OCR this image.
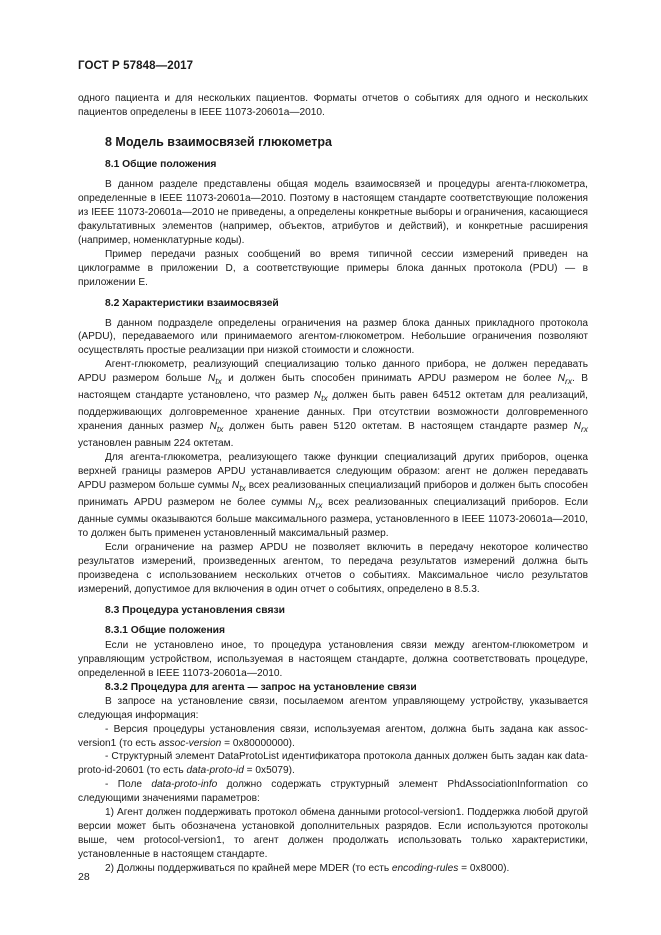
ГОСТ Р 57848—2017

одного пациента и для нескольких пациентов. Форматы отчетов о событиях для одного и нескольких пациентов определены в IEEE 11073-20601a—2010.

8 Модель взаимосвязей глюкометра
8.1 Общие положения

В данном разделе представлены общая модель взаимосвязей и процедуры агента-глюкометра, определенные в IEEE 11073-20601a—2010. Поэтому в настоящем стандарте соответствующие положения из IEEE 11073-20601a—2010 не приведены, а определены конкретные выборы и ограничения, касающиеся факультативных элементов (например, объектов, атрибутов и действий), и конкретные расширения (например, номенклатурные коды).

Пример передачи разных сообщений во время типичной сессии измерений приведен на циклограмме в приложении D, а соответствующие примеры блока данных протокола (PDU) — в приложении E.

8.2 Характеристики взаимосвязей

В данном подразделе определены ограничения на размер блока данных прикладного протокола (APDU), передаваемого или принимаемого агентом-глюкометром. Небольшие ограничения позволяют осуществлять простые реализации при низкой стоимости и сложности.

Агент-глюкометр, реализующий специализацию только данного прибора, не должен передавать APDU размером больше $N_{tx}$ и должен быть способен принимать APDU размером не более $N_{rx}$. В настоящем стандарте установлено, что размер $N_{tx}$ должен быть равен 64512 октетам для реализаций, поддерживающих долговременное хранение данных. При отсутствии возможности долговременного хранения данных размер $N_{tx}$ должен быть равен 5120 октетам. В настоящем стандарте размер $N_{rx}$ установлен равным 224 октетам.

Для агента-глюкометра, реализующего также функции специализаций других приборов, оценка верхней границы размеров APDU устанавливается следующим образом: агент не должен передавать APDU размером больше суммы $N_{tx}$ всех реализованных специализаций приборов и должен быть способен принимать APDU размером не более суммы $N_{rx}$ всех реализованных специализаций приборов. Если данные суммы оказываются больше максимального размера, установленного в IEEE 11073-20601a—2010, то должен быть применен установленный максимальный размер.

Если ограничение на размер APDU не позволяет включить в передачу некоторое количество результатов измерений, произведенных агентом, то передача результатов измерений должна быть произведена с использованием нескольких отчетов о событиях. Максимальное число результатов измерений, допустимое для включения в один отчет о событиях, определено в 8.5.3.

8.3 Процедура установления связи
8.3.1 Общие положения

Если не установлено иное, то процедура установления связи между агентом-глюкометром и управляющим устройством, используемая в настоящем стандарте, должна соответствовать процедуре, определенной в IEEE 11073-20601a—2010.

8.3.2 Процедура для агента — запрос на установление связи

В запросе на установление связи, посылаемом агентом управляющему устройству, указывается следующая информация:

- Версия процедуры установления связи, используемая агентом, должна быть задана как assoc-version1 (то есть assoc-version = 0x80000000).

- Структурный элемент DataProtoList идентификатора протокола данных должен быть задан как data-proto-id-20601 (то есть data-proto-id = 0x5079).

- Поле data-proto-info должно содержать структурный элемент PhdAssociationInformation со следующими значениями параметров:

1) Агент должен поддерживать протокол обмена данными protocol-version1. Поддержка любой другой версии может быть обозначена установкой дополнительных разрядов. Если используются протоколы выше, чем protocol-version1, то агент должен продолжать использовать только характеристики, установленные в настоящем стандарте.

2) Должны поддерживаться по крайней мере MDER (то есть encoding-rules = 0x8000).

28
